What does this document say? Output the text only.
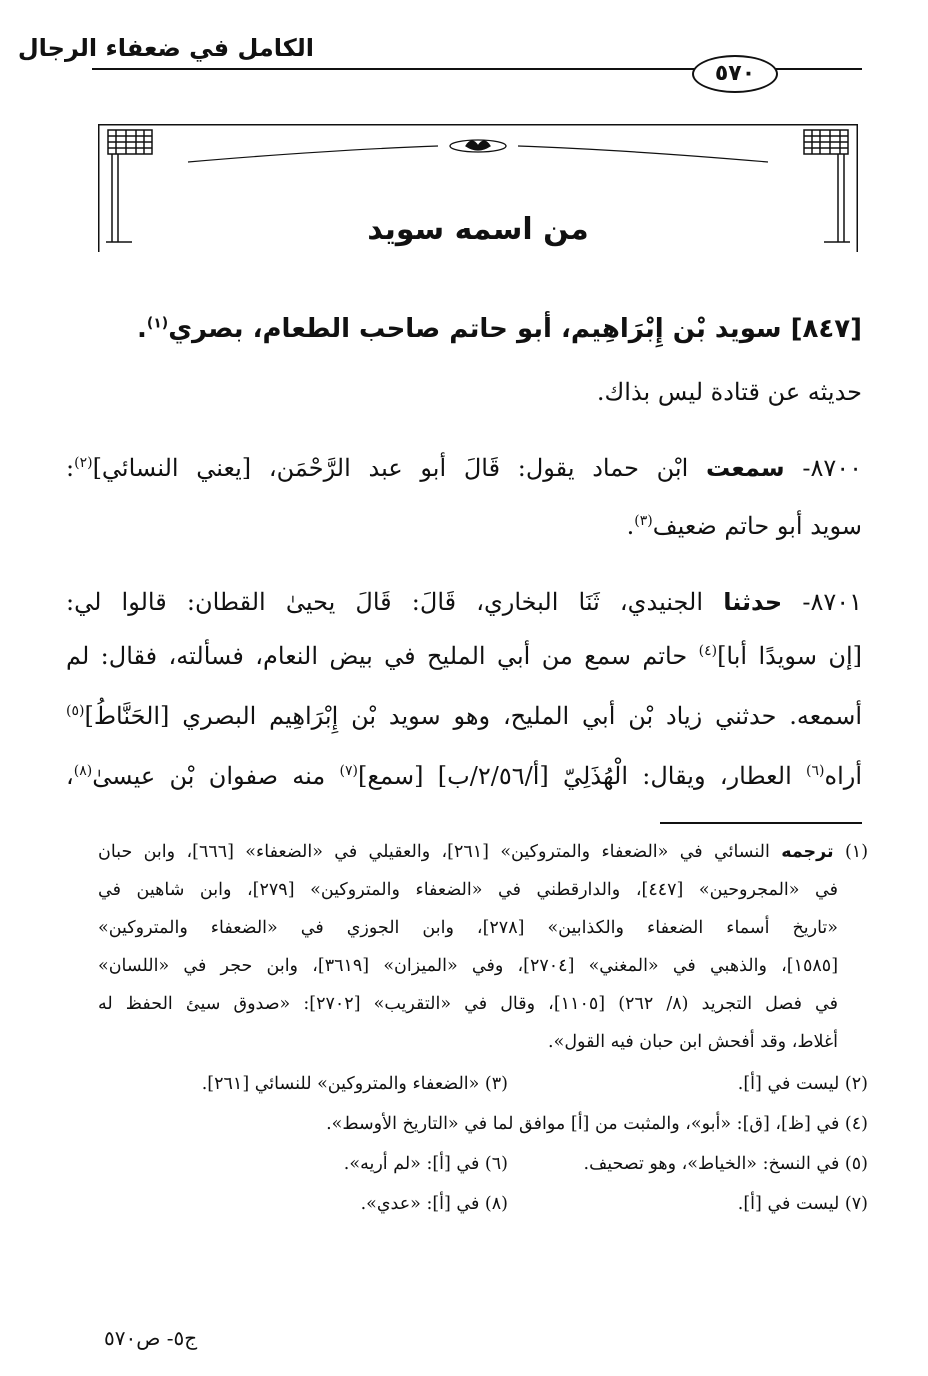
الكامل في ضعفاء الرجال
٥٧٠
من اسمه سويد
[٨٤٧] سويد بْن إِبْرَاهِيم، أبو حاتم صاحب الطعام، بصري$^{(١)}$.
حديثه عن قتادة ليس بذاك.
٨٧٠٠- سمعت ابْن حماد يقول: قَالَ أبو عبد الرَّحْمَن، [يعني النسائي]$^{(٢)}$:
سويد أبو حاتم ضعيف$^{(٣)}$.
٨٧٠١- حدثنا الجنيدي، ثَنَا البخاري، قَالَ: قَالَ يحيىٰ القطان: قالوا لي:
[إن سويدًا أبا]$^{(٤)}$ حاتم سمع من أبي المليح في بيض النعام، فسألته، فقال: لم
أسمعه. حدثني زياد بْن أبي المليح، وهو سويد بْن إِبْرَاهِيم البصري [الحَنَّاطُ]$^{(٥)}$
أراه$^{(٦)}$ العطار، ويقال: الْهُذَلِيّ [أ/٢/٥٦/ب] [سمع]$^{(٧)}$ منه صفوان بْن عيسىٰ$^{(٨)}$،
(١) ترجمه النسائي في «الضعفاء والمتروكين» [٢٦١]، والعقيلي في «الضعفاء» [٦٦٦]، وابن حبان
في «المجروحين» [٤٤٧]، والدارقطني في «الضعفاء والمتروكين» [٢٧٩]، وابن شاهين في
«تاريخ أسماء الضعفاء والكذابين» [٢٧٨]، وابن الجوزي في «الضعفاء والمتروكين»
[١٥٨٥]، والذهبي في «المغني» [٢٧٠٤]، وفي «الميزان» [٣٦١٩]، وابن حجر في «اللسان»
في فصل التجريد (٨/ ٢٦٢) [١١٠٥]، وقال في «التقريب» [٢٧٠٢]: «صدوق سيئ الحفظ له
أغلاط، وقد أفحش ابن حبان فيه القول».
(٢) ليست في [أ].
(٣) «الضعفاء والمتروكين» للنسائي [٢٦١].
(٤) في [ظ]، [ق]: «أبو»، والمثبت من [أ] موافق لما في «التاريخ الأوسط».
(٥) في النسخ: «الخياط»، وهو تصحيف.
(٦) في [أ]: «لم أريه».
(٧) ليست في [أ].
(٨) في [أ]: «عدي».
ج٥- ص٥٧٠
